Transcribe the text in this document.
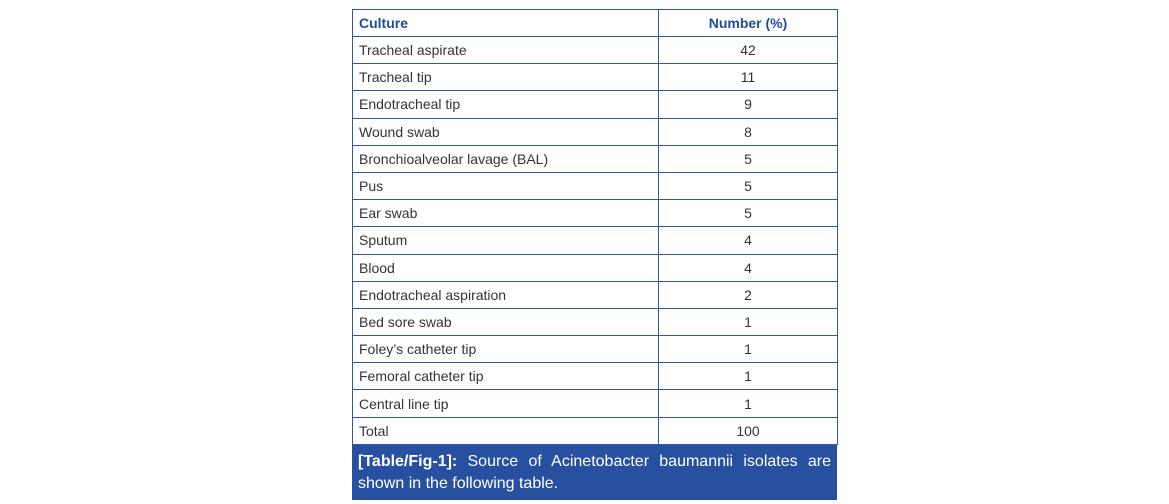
Culture	Number (%)
Tracheal aspirate	42
Tracheal tip	11
Endotracheal tip	9
Wound swab	8
Bronchioalveolar lavage (BAL)	5
Pus	5
Ear swab	5
Sputum	4
Blood	4
Endotracheal aspiration	2
Bed sore swab	1
Foley’s catheter tip	1
Femoral catheter tip	1
Central line tip	1
Total	100
[Table/Fig-1]: Source of Acinetobacter baumannii isolates are shown in the following table.
